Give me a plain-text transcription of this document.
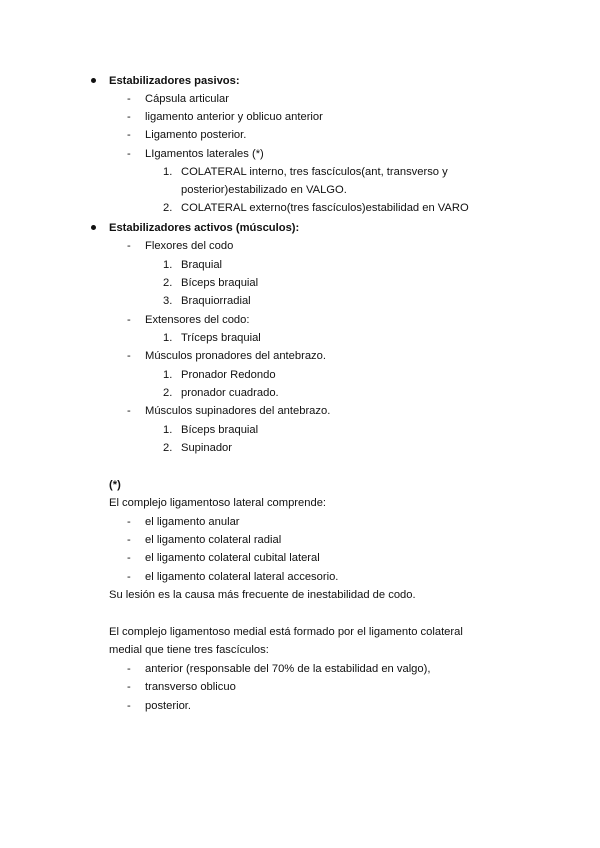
Estabilizadores pasivos:
- Cápsula articular
- ligamento anterior y oblicuo anterior
- Ligamento posterior.
- LIgamentos laterales (*)
1. COLATERAL interno, tres fascículos(ant, transverso y
posterior)estabilizado en VALGO.
2. COLATERAL externo(tres fascículos)estabilidad en VARO
Estabilizadores activos (músculos):
- Flexores del codo
1. Braquial
2. Bíceps braquial
3. Braquiorradial
- Extensores del codo:
1. Tríceps braquial
- Músculos pronadores del antebrazo.
1. Pronador Redondo
2. pronador cuadrado.
- Músculos supinadores del antebrazo.
1. Bíceps braquial
2. Supinador
(*)
El complejo ligamentoso lateral comprende:
- el ligamento anular
- el ligamento colateral radial
- el ligamento colateral cubital lateral
- el ligamento colateral lateral accesorio.
Su lesión es la causa más frecuente de inestabilidad de codo.
El complejo ligamentoso medial está formado por el ligamento colateral
medial que tiene tres fascículos:
- anterior (responsable del 70% de la estabilidad en valgo),
- transverso oblicuo
- posterior.
